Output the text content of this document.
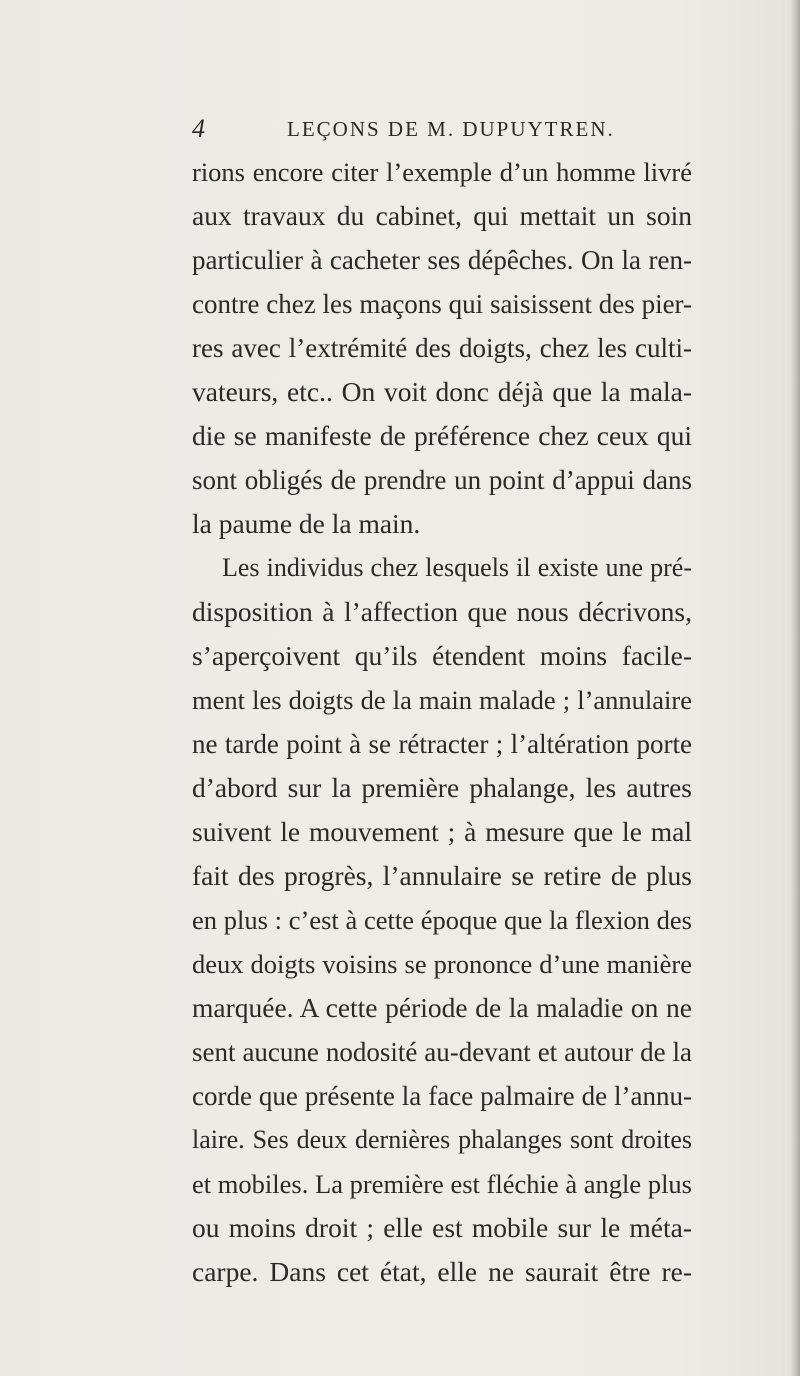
4	LEÇONS DE M. DUPUYTREN.
rions encore citer l’exemple d’un homme livré
aux travaux du cabinet, qui mettait un soin
particulier à cacheter ses dépêches. On la ren-
contre chez les maçons qui saisissent des pier-
res avec l’extrémité des doigts, chez les culti-
vateurs, etc.. On voit donc déjà que la mala-
die se manifeste de préférence chez ceux qui
sont obligés de prendre un point d’appui dans
la paume de la main.
Les individus chez lesquels il existe une pré-
disposition à l’affection que nous décrivons,
s’aperçoivent qu’ils étendent moins facile-
ment les doigts de la main malade ; l’annulaire
ne tarde point à se rétracter ; l’altération porte
d’abord sur la première phalange, les autres
suivent le mouvement ; à mesure que le mal
fait des progrès, l’annulaire se retire de plus
en plus : c’est à cette époque que la flexion des
deux doigts voisins se prononce d’une manière
marquée. A cette période de la maladie on ne
sent aucune nodosité au-devant et autour de la
corde que présente la face palmaire de l’annu-
laire. Ses deux dernières phalanges sont droites
et mobiles. La première est fléchie à angle plus
ou moins droit ; elle est mobile sur le méta-
carpe. Dans cet état, elle ne saurait être re-
